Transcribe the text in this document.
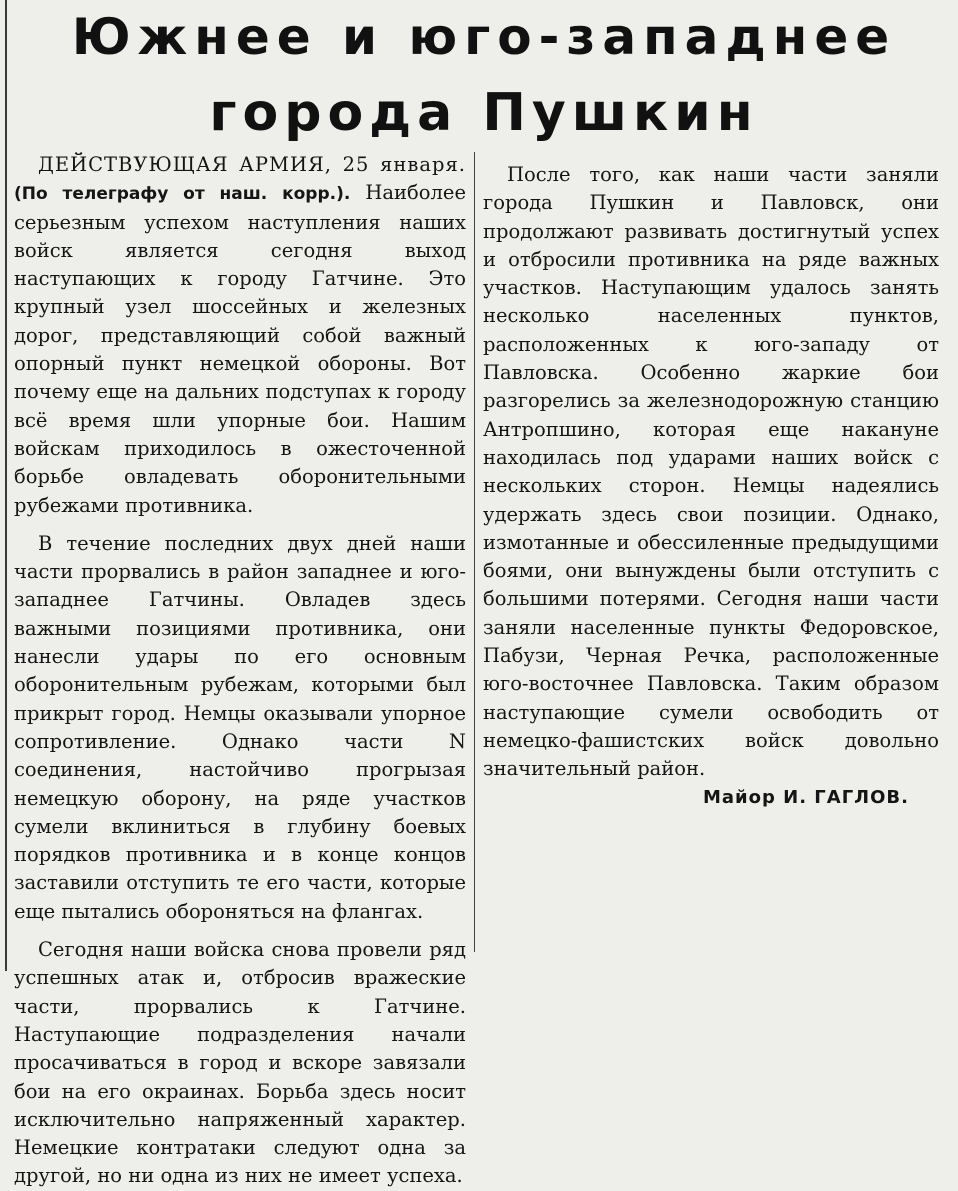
Южнее и юго-западнее
города Пушкин

ДЕЙСТВУЮЩАЯ АРМИЯ, 25 января. (По телеграфу от наш. корр.). Наиболее серьезным успехом наступления наших войск является сегодня выход наступающих к городу Гатчине. Это крупный узел шоссейных и железных дорог, представляющий собой важный опорный пункт немецкой обороны. Вот почему еще на дальних подступах к городу всё время шли упорные бои. Нашим войскам приходилось в ожесточенной борьбе овладевать оборонительными рубежами противника.

В течение последних двух дней наши части прорвались в район западнее и юго-западнее Гатчины. Овладев здесь важными позициями противника, они нанесли удары по его основным оборонительным рубежам, которыми был прикрыт город. Немцы оказывали упорное сопротивление. Однако части N соединения, настойчиво прогрызая немецкую оборону, на ряде участков сумели вклиниться в глубину боевых порядков противника и в конце концов заставили отступить те его части, которые еще пытались обороняться на флангах.

Сегодня наши войска снова провели ряд успешных атак и, отбросив вражеские части, прорвались к Гатчине. Наступающие подразделения начали просачиваться в город и вскоре завязали бои на его окраинах. Борьба здесь носит исключительно напряженный характер. Немецкие контратаки следуют одна за другой, но ни одна из них не имеет успеха.

После того, как наши части заняли города Пушкин и Павловск, они продолжают развивать достигнутый успех и отбросили противника на ряде важных участков. Наступающим удалось занять несколько населенных пунктов, расположенных к юго-западу от Павловска. Особенно жаркие бои разгорелись за железнодорожную станцию Антропшино, которая еще накануне находилась под ударами наших войск с нескольких сторон. Немцы надеялись удержать здесь свои позиции. Однако, измотанные и обессиленные предыдущими боями, они вынуждены были отступить с большими потерями. Сегодня наши части заняли населенные пункты Федоровское, Пабузи, Черная Речка, расположенные юго-восточнее Павловска. Таким образом наступающие сумели освободить от немецко-фашистских войск довольно значительный район.

Майор И. ГАГЛОВ.
